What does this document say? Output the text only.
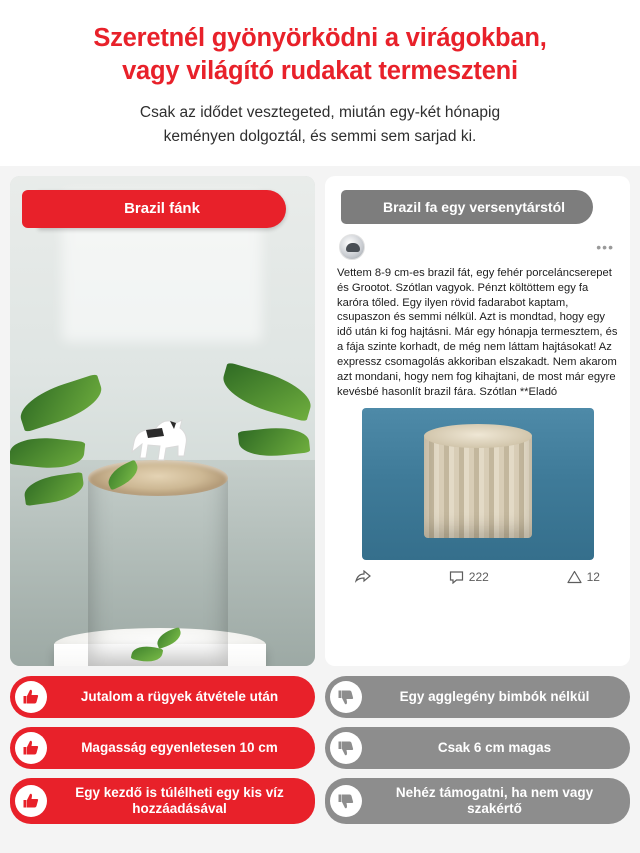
Szeretnél gyönyörködni a virágokban,
vagy világító rudakat termeszteni
Csak az idődet vesztegeted, miután egy-két hónapig
keményen dolgoztál, és semmi sem sarjad ki.
Brazil fánk	Brazil fa egy versenytárstól
•••

Vettem 8-9 cm-es brazil fát, egy fehér porceláncserepet és Grootot. Szótlan vagyok. Pénzt költöttem egy fa karóra tőled. Egy ilyen rövid fadarabot kaptam, csupaszon és semmi nélkül. Azt is mondtad, hogy egy idő után ki fog hajtásni. Már egy hónapja termesztem, és a fája szinte korhadt, de még nem láttam hajtásokat! Az expressz csomagolás akkoriban elszakadt. Nem akarom azt mondani, hogy nem fog kihajtani, de most már egyre kevésbé hasonlít brazil fára. Szótlan **Eladó

222	12
Jutalom a rügyek átvétele után
Magasság egyenletesen 10 cm
Egy kezdő is túlélheti egy kis víz hozzáadásával
Egy agglegény bimbók nélkül
Csak 6 cm magas
Nehéz támogatni, ha nem vagy szakértő
